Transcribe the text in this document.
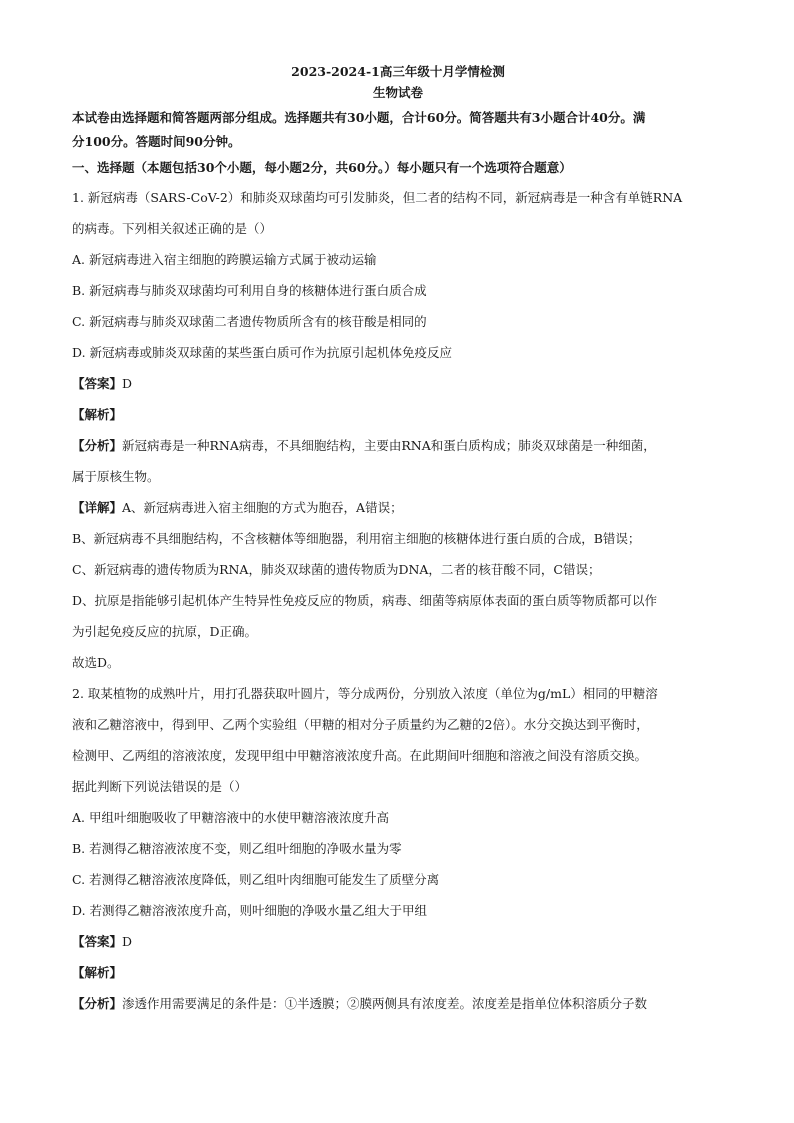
2023-2024-1高三年级十月学情检测
生物试卷
本试卷由选择题和简答题两部分组成。选择题共有30小题，合计60分。简答题共有3小题合计40分。满
分100分。答题时间90分钟。
一、选择题（本题包括30个小题，每小题2分，共60分。）每小题只有一个选项符合题意）
1. 新冠病毒（SARS-CoV-2）和肺炎双球菌均可引发肺炎，但二者的结构不同，新冠病毒是一种含有单链RNA
的病毒。下列相关叙述正确的是（）
A. 新冠病毒进入宿主细胞的跨膜运输方式属于被动运输
B. 新冠病毒与肺炎双球菌均可利用自身的核糖体进行蛋白质合成
C. 新冠病毒与肺炎双球菌二者遗传物质所含有的核苷酸是相同的
D. 新冠病毒或肺炎双球菌的某些蛋白质可作为抗原引起机体免疫反应
【答案】D
【解析】
【分析】新冠病毒是一种RNA病毒，不具细胞结构，主要由RNA和蛋白质构成；肺炎双球菌是一种细菌，
属于原核生物。
【详解】A、新冠病毒进入宿主细胞的方式为胞吞，A错误；
B、新冠病毒不具细胞结构，不含核糖体等细胞器，利用宿主细胞的核糖体进行蛋白质的合成，B错误；
C、新冠病毒的遗传物质为RNA，肺炎双球菌的遗传物质为DNA，二者的核苷酸不同，C错误；
D、抗原是指能够引起机体产生特异性免疫反应的物质，病毒、细菌等病原体表面的蛋白质等物质都可以作
为引起免疫反应的抗原，D正确。
故选D。
2. 取某植物的成熟叶片，用打孔器获取叶圆片，等分成两份，分别放入浓度（单位为g/mL）相同的甲糖溶
液和乙糖溶液中，得到甲、乙两个实验组（甲糖的相对分子质量约为乙糖的2倍）。水分交换达到平衡时，
检测甲、乙两组的溶液浓度，发现甲组中甲糖溶液浓度升高。在此期间叶细胞和溶液之间没有溶质交换。
据此判断下列说法错误的是（）
A. 甲组叶细胞吸收了甲糖溶液中的水使甲糖溶液浓度升高
B. 若测得乙糖溶液浓度不变，则乙组叶细胞的净吸水量为零
C. 若测得乙糖溶液浓度降低，则乙组叶肉细胞可能发生了质壁分离
D. 若测得乙糖溶液浓度升高，则叶细胞的净吸水量乙组大于甲组
【答案】D
【解析】
【分析】渗透作用需要满足的条件是：①半透膜；②膜两侧具有浓度差。浓度差是指单位体积溶质分子数
